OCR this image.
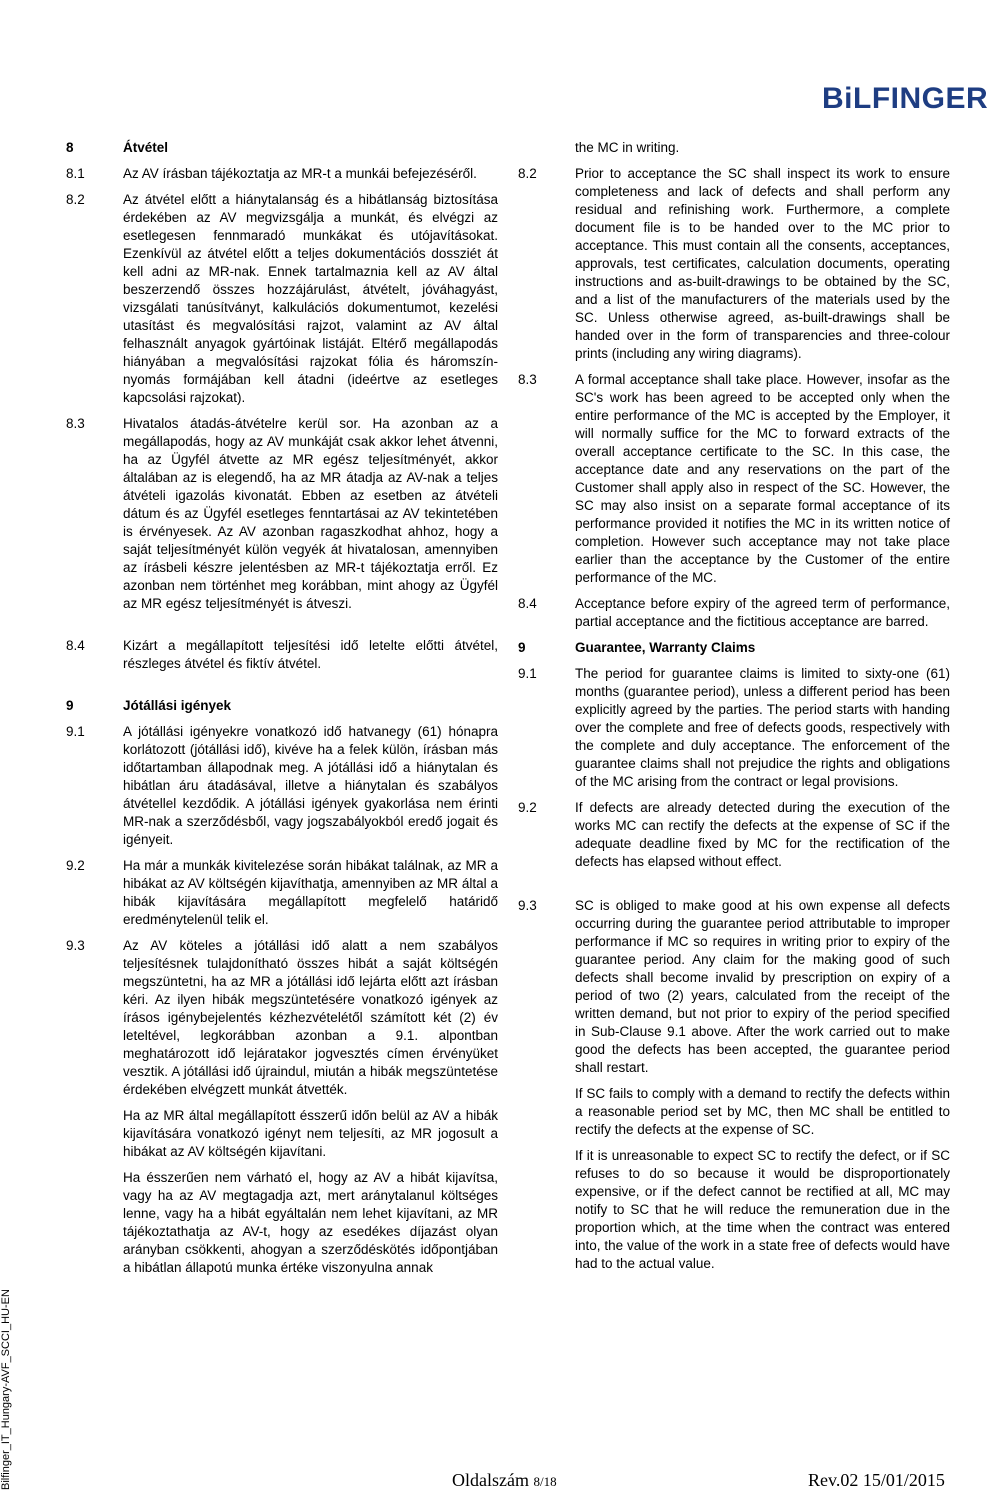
BiLFINGER
8	Átvétel
8.1	Az AV írásban tájékoztatja az MR-t a munkái befejezéséről.
8.2	Az átvétel előtt a hiánytalanság és a hibátlanság biztosítása érdekében az AV megvizsgálja a munkát, és elvégzi az esetlegesen fennmaradó munkákat és utójavításokat. Ezenkívül az átvétel előtt a teljes dokumentációs dossziét át kell adni az MR-nak. Ennek tartalmaznia kell az AV által beszerzendő összes hozzájárulást, átvételt, jóváhagyást, vizsgálati tanúsítványt, kalkulációs dokumentumot, kezelési utasítást és megvalósítási rajzot, valamint az AV által felhasznált anyagok gyártóinak listáját. Eltérő megállapodás hiányában a megvalósítási rajzokat fólia és háromszín-nyomás formájában kell átadni (ideértve az esetleges kapcsolási rajzokat).
8.3	Hivatalos átadás-átvételre kerül sor. Ha azonban az a megállapodás, hogy az AV munkáját csak akkor lehet átvenni, ha az Ügyfél átvette az MR egész teljesítményét, akkor általában az is elegendő, ha az MR átadja az AV-nak a teljes átvételi igazolás kivonatát. Ebben az esetben az átvételi dátum és az Ügyfél esetleges fenntartásai az AV tekintetében is érvényesek. Az AV azonban ragaszkodhat ahhoz, hogy a saját teljesítményét külön vegyék át hivatalosan, amennyiben az írásbeli készre jelentésben az MR-t tájékoztatja erről. Ez azonban nem történhet meg korábban, mint ahogy az Ügyfél az MR egész teljesítményét is átveszi.
8.4	Kizárt a megállapított teljesítési idő letelte előtti átvétel, részleges átvétel és fiktív átvétel.
9	Jótállási igények
9.1	A jótállási igényekre vonatkozó idő hatvanegy (61) hónapra korlátozott (jótállási idő), kivéve ha a felek külön, írásban más időtartamban állapodnak meg. A jótállási idő a hiánytalan és hibátlan áru átadásával, illetve a hiánytalan és szabályos átvétellel kezdődik. A jótállási igények gyakorlása nem érinti MR-nak a szerződésből, vagy jogszabályokból eredő jogait és igényeit.
9.2	Ha már a munkák kivitelezése során hibákat találnak, az MR a hibákat az AV költségén kijavíthatja, amennyiben az MR által a hibák kijavítására megállapított megfelelő határidő eredménytelenül telik el.
9.3	Az AV köteles a jótállási idő alatt a nem szabályos teljesítésnek tulajdonítható összes hibát a saját költségén megszüntetni, ha az MR a jótállási idő lejárta előtt azt írásban kéri. Az ilyen hibák megszüntetésére vonatkozó igények az írásos igénybejelentés kézhezvételétől számított két (2) év leteltével, legkorábban azonban a 9.1. alpontban meghatározott idő lejáratakor jogvesztés címen érvényüket vesztik. A jótállási idő újraindul, miután a hibák megszüntetése érdekében elvégzett munkát átvették.

Ha az MR által megállapított ésszerű időn belül az AV a hibák kijavítására vonatkozó igényt nem teljesíti, az MR jogosult a hibákat az AV költségén kijavítani.

Ha ésszerűen nem várható el, hogy az AV a hibát kijavítsa, vagy ha az AV megtagadja azt, mert aránytalanul költséges lenne, vagy ha a hibát egyáltalán nem lehet kijavítani, az MR tájékoztathatja az AV-t, hogy az esedékes díjazást olyan arányban csökkenti, ahogyan a szerződéskötés időpontjában a hibátlan állapotú munka értéke viszonyulna annak

the MC in writing.
8.2	Prior to acceptance the SC shall inspect its work to ensure completeness and lack of defects and shall perform any residual and refinishing work. Furthermore, a complete document file is to be handed over to the MC prior to acceptance. This must contain all the consents, acceptances, approvals, test certificates, calculation documents, operating instructions and as-built-drawings to be obtained by the SC, and a list of the manufacturers of the materials used by the SC. Unless otherwise agreed, as-built-drawings shall be handed over in the form of transparencies and three-colour prints (including any wiring diagrams).
8.3	A formal acceptance shall take place. However, insofar as the SC's work has been agreed to be accepted only when the entire performance of the MC is accepted by the Employer, it will normally suffice for the MC to forward extracts of the overall acceptance certificate to the SC. In this case, the acceptance date and any reservations on the part of the Customer shall apply also in respect of the SC. However, the SC may also insist on a separate formal acceptance of its performance provided it notifies the MC in its written notice of completion. However such acceptance may not take place earlier than the acceptance by the Customer of the entire performance of the MC.
8.4	Acceptance before expiry of the agreed term of performance, partial acceptance and the fictitious acceptance are barred.
9	Guarantee, Warranty Claims
9.1	The period for guarantee claims is limited to sixty-one (61) months (guarantee period), unless a different period has been explicitly agreed by the parties. The period starts with handing over the complete and free of defects goods, respectively with the complete and duly acceptance. The enforcement of the guarantee claims shall not prejudice the rights and obligations of the MC arising from the contract or legal provisions.
9.2	If defects are already detected during the execution of the works MC can rectify the defects at the expense of SC if the adequate deadline fixed by MC for the rectification of the defects has elapsed without effect.
9.3	SC is obliged to make good at his own expense all defects occurring during the guarantee period attributable to improper performance if MC so requires in writing prior to expiry of the guarantee period. Any claim for the making good of such defects shall become invalid by prescription on expiry of a period of two (2) years, calculated from the receipt of the written demand, but not prior to expiry of the period specified in Sub-Clause 9.1 above. After the work carried out to make good the defects has been accepted, the guarantee period shall restart.

If SC fails to comply with a demand to rectify the defects within a reasonable period set by MC, then MC shall be entitled to rectify the defects at the expense of SC.

If it is unreasonable to expect SC to rectify the defect, or if SC refuses to do so because it would be disproportionately expensive, or if the defect cannot be rectified at all, MC may notify to SC that he will reduce the remuneration due in the proportion which, at the time when the contract was entered into, the value of the work in a state free of defects would have had to the actual value.

Oldalszám 8/18	Rev.02 15/01/2015
Bilfinger_IT_Hungary-AVF_SCCI_HU-EN
